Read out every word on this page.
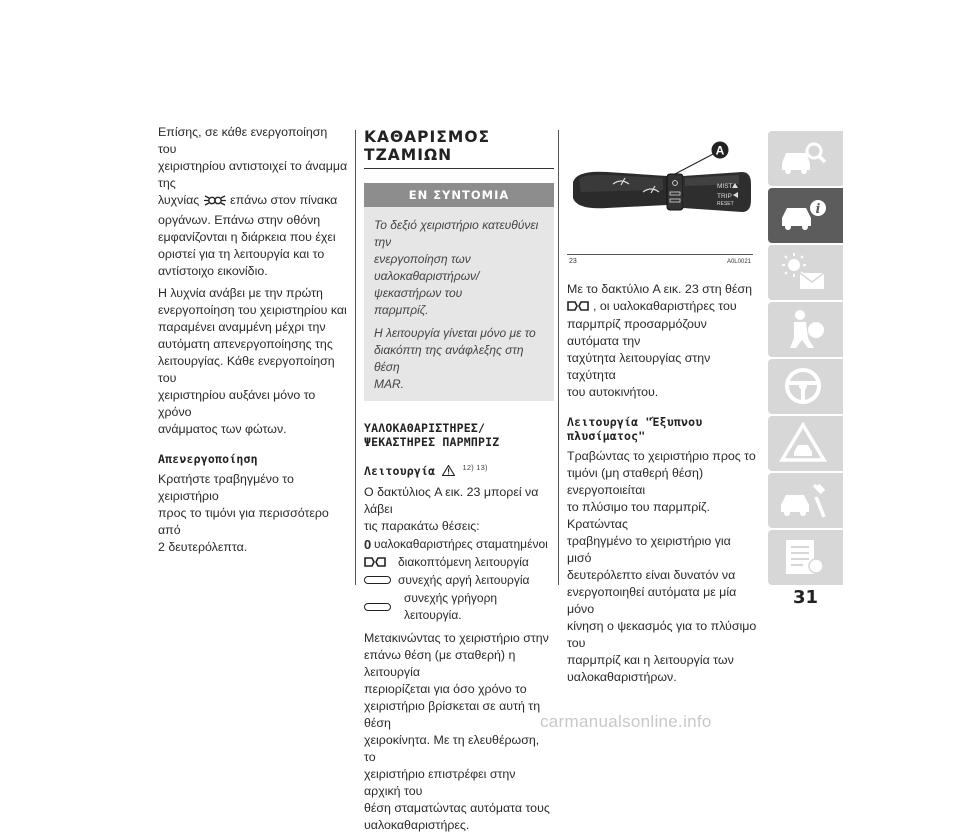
Επίσης, σε κάθε ενεργοποίηση του

χειριστηρίου αντιστοιχεί το άναμμα της

λυχνίας επάνω στον πίνακα

οργάνων. Επάνω στην οθόνη

εμφανίζονται η διάρκεια που έχει

οριστεί για τη λειτουργία και το

αντίστοιχο εικονίδιο.

Η λυχνία ανάβει με την πρώτη

ενεργοποίηση του χειριστηρίου και

παραμένει αναμμένη μέχρι την

αυτόματη απενεργοποίησης της

λειτουργίας. Κάθε ενεργοποίηση του

χειριστηρίου αυξάνει μόνο το χρόνο

ανάμματος των φώτων.

Απενεργοποίηση

Κρατήστε τραβηγμένο το χειριστήριο

προς το τιμόνι για περισσότερο από

2 δευτερόλεπτα.

ΚΑΘΑΡΙΣΜΟΣ ΤΖΑΜΙΩΝ
ΕΝ ΣΥΝΤΟΜΙΑ

Το δεξιό χειριστήριο κατευθύνει την
ενεργοποίηση των
υαλοκαθαριστήρων/ψεκαστήρων του
παρμπρίζ.

Η λειτουργία γίνεται μόνο με το
διακόπτη της ανάφλεξης στη θέση
MAR.

ΥΑΛΟΚΑΘΑΡΙΣΤΗΡΕΣ/
ΨΕΚΑΣΤΗΡΕΣ ΠΑΡΜΠΡΙΖ

Λειτουργία	$^{12) 13)}$

Ο δακτύλιος A εικ. 23 μπορεί να λάβει

τις παρακάτω θέσεις:

0 υαλοκαθαριστήρες σταματημένοι
διακοπτόμενη λειτουργία
συνεχής αργή λειτουργία
συνεχής γρήγορη λειτουργία.

Μετακινώντας το χειριστήριο στην

επάνω θέση (με σταθερή) η λειτουργία

περιορίζεται για όσο χρόνο το

χειριστήριο βρίσκεται σε αυτή τη θέση

χειροκίνητα. Με τη ελευθέρωση, το

χειριστήριο επιστρέφει στην αρχική του

θέση σταματώντας αυτόματα τους

υαλοκαθαριστήρες.

A
MIST
TRIP
RESET
23	A0L0021

Με το δακτύλιο A εικ. 23 στη θέση

, οι υαλοκαθαριστήρες του

παρμπρίζ προσαρμόζουν αυτόματα την

ταχύτητα λειτουργίας στην ταχύτητα

του αυτοκινήτου.

Λειτουργία "Έξυπνου
πλυσίματος"

Τραβώντας το χειριστήριο προς το

τιμόνι (μη σταθερή θέση) ενεργοποιείται

το πλύσιμο του παρμπρίζ. Κρατώντας

τραβηγμένο το χειριστήριο για μισό

δευτερόλεπτο είναι δυνατόν να

ενεργοποιηθεί αυτόματα με μία μόνο

κίνηση ο ψεκασμός για το πλύσιμο του

παρμπρίζ και η λειτουργία των

υαλοκαθαριστήρων.

i
31
carmanualsonline.info
